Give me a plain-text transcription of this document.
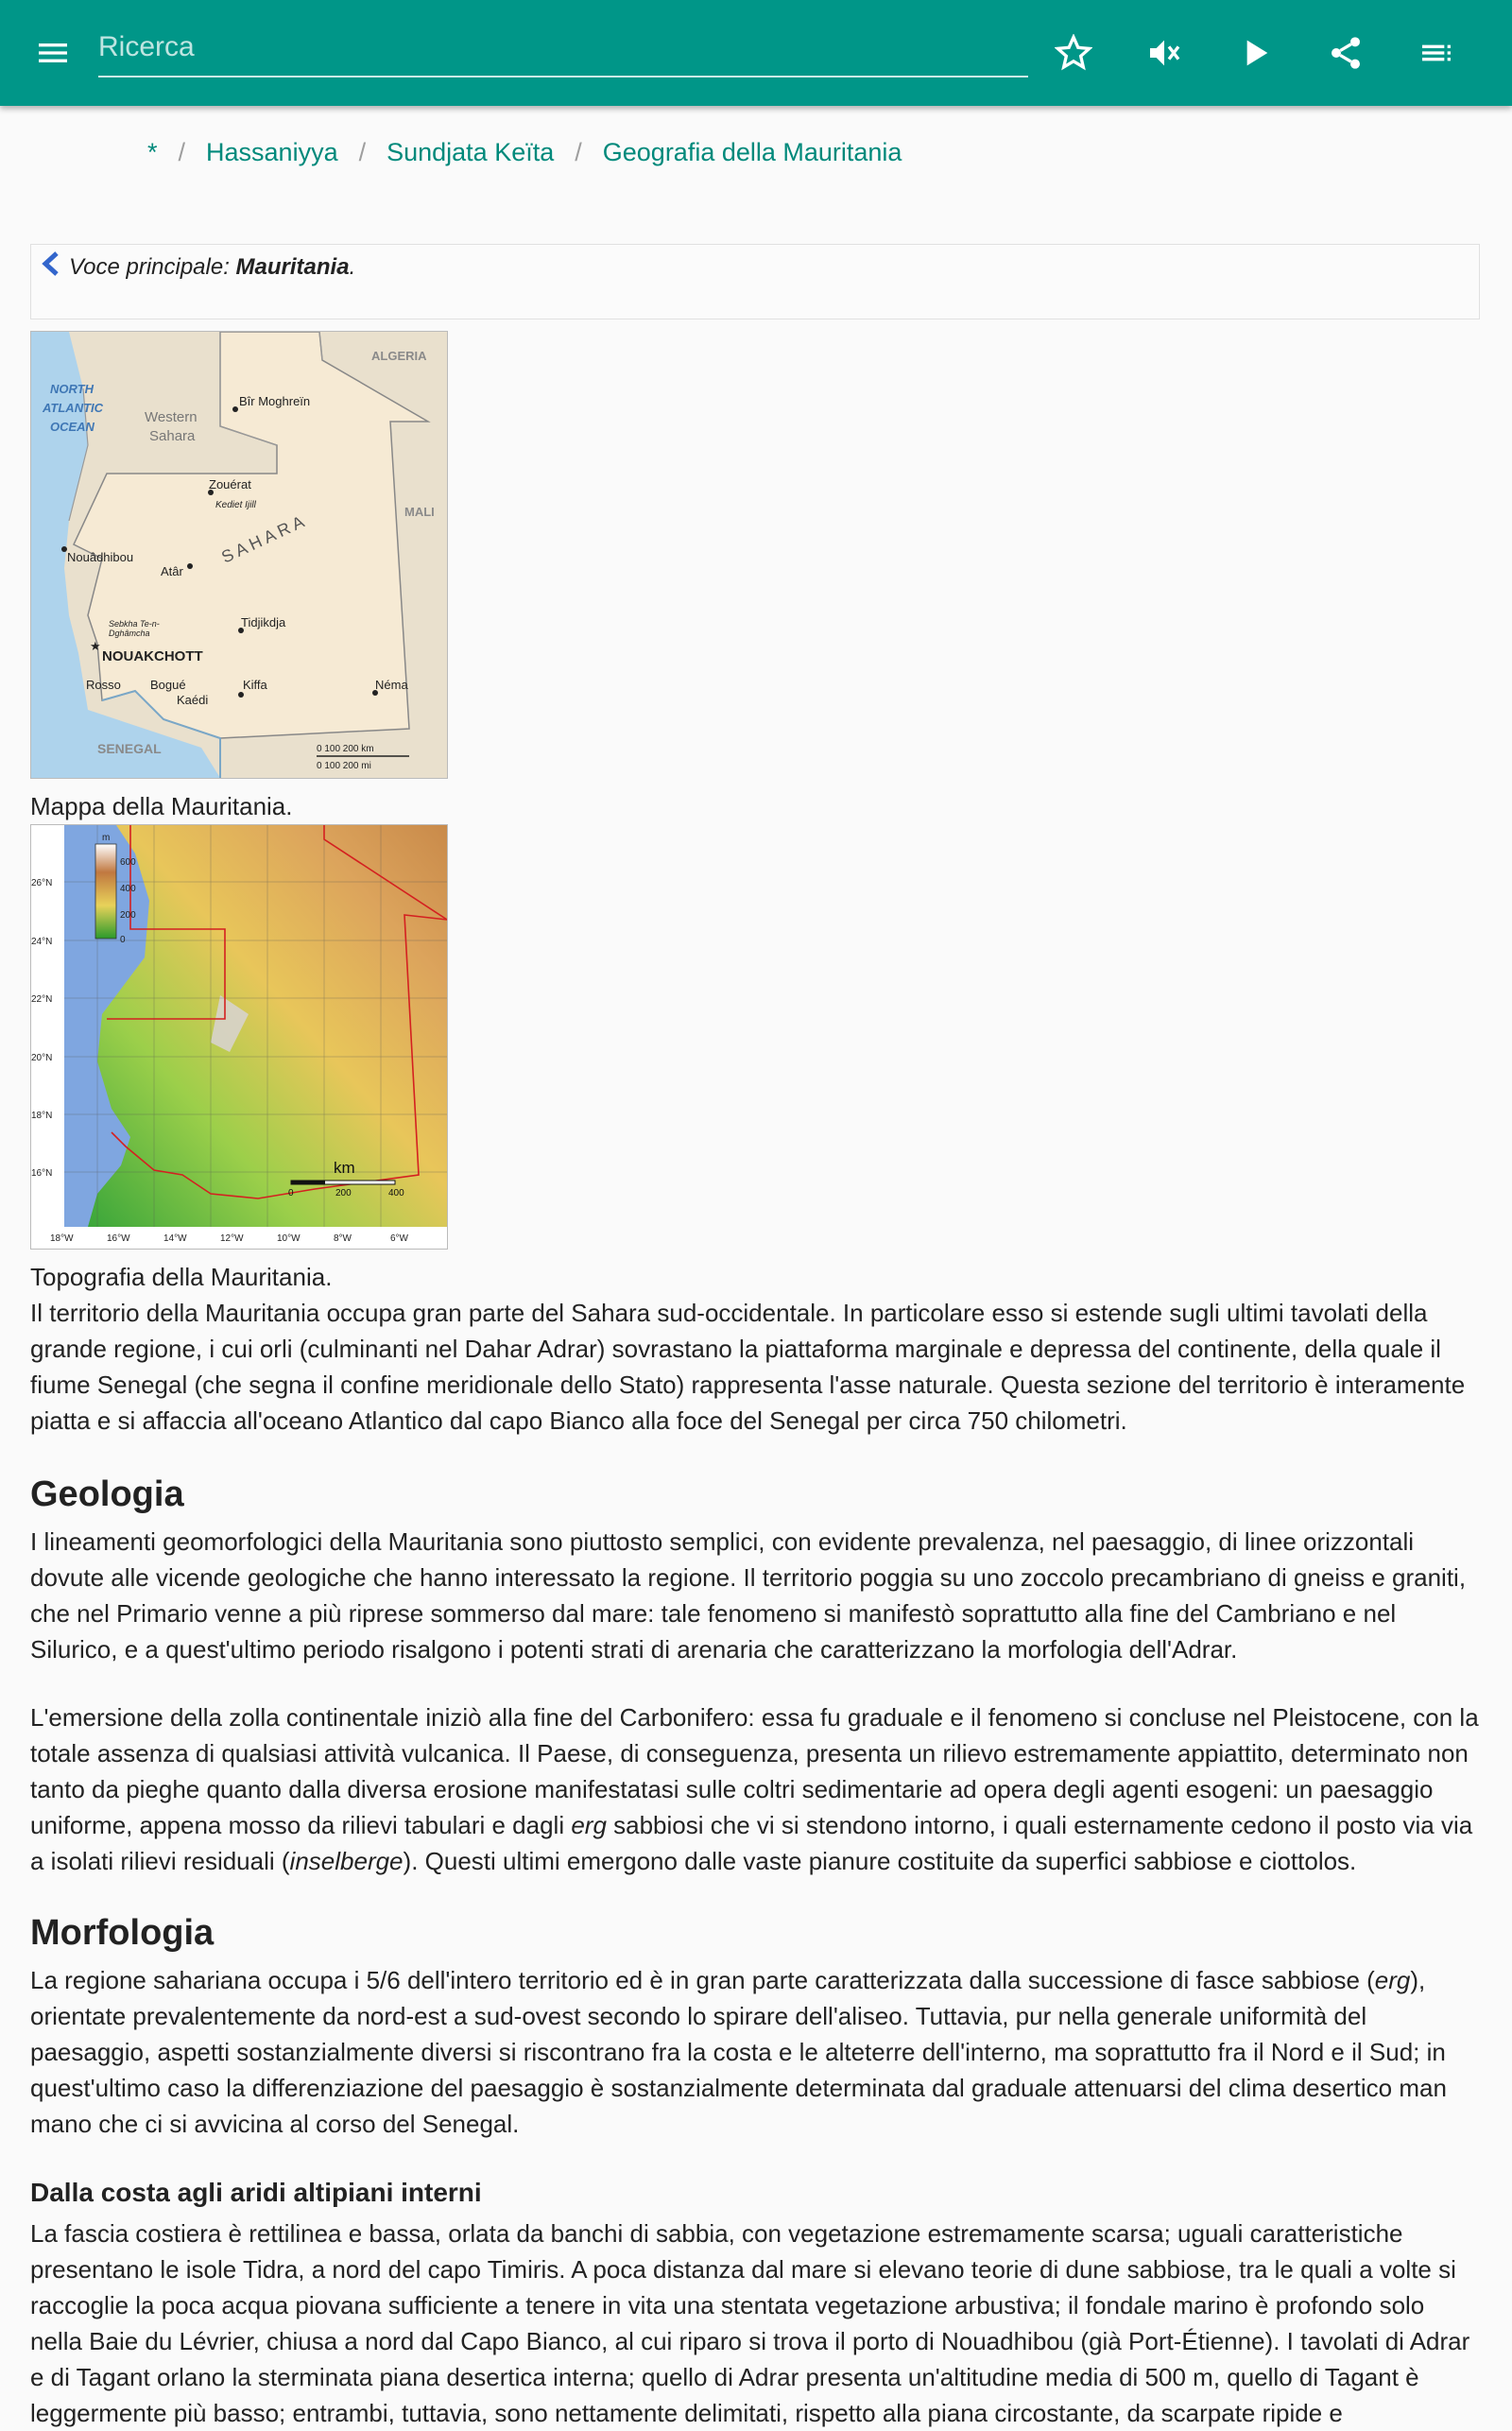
Ricerca
* / Hassaniyya / Sundjata Keïta / Geografia della Mauritania
Voce principale: Mauritania.
ALGERIA
NORTH
ATLANTIC
OCEAN
Western
Sahara
Bîr Moghreïn
Zouérat
Kediet Ijill	MALI
S A H A R A
Nouâdhibou
Atâr
Sebkha Te-n-
Dghâmcha
Tidjikdja
★
NOUAKCHOTT
Rosso Bogué
Kaédi
Kiffa	Néma
SENEGAL	0 100 200 km
0 100 200 mi
Mappa della Mauritania.
m
600
400
200
0
26°N
24°N
22°N
20°N
18°N
16°N
18°W	16°W	14°W	12°W	10°W	8°W	6°W
km
0	200	400
Topografia della Mauritania.

Il territorio della Mauritania occupa gran parte del Sahara sud-occidentale. In particolare esso si estende sugli ultimi tavolati della grande regione, i cui orli (culminanti nel Dahar Adrar) sovrastano la piattaforma marginale e depressa del continente, della quale il fiume Senegal (che segna il confine meridionale dello Stato) rappresenta l'asse naturale. Questa sezione del territorio è interamente piatta e si affaccia all'oceano Atlantico dal capo Bianco alla foce del Senegal per circa 750 chilometri.

Geologia

I lineamenti geomorfologici della Mauritania sono piuttosto semplici, con evidente prevalenza, nel paesaggio, di linee orizzontali dovute alle vicende geologiche che hanno interessato la regione. Il territorio poggia su uno zoccolo precambriano di gneiss e graniti, che nel Primario venne a più riprese sommerso dal mare: tale fenomeno si manifestò soprattutto alla fine del Cambriano e nel Silurico, e a quest'ultimo periodo risalgono i potenti strati di arenaria che caratterizzano la morfologia dell'Adrar.

L'emersione della zolla continentale iniziò alla fine del Carbonifero: essa fu graduale e il fenomeno si concluse nel Pleistocene, con la totale assenza di qualsiasi attività vulcanica. Il Paese, di conseguenza, presenta un rilievo estremamente appiattito, determinato non tanto da pieghe quanto dalla diversa erosione manifestatasi sulle coltri sedimentarie ad opera degli agenti esogeni: un paesaggio uniforme, appena mosso da rilievi tabulari e dagli erg sabbiosi che vi si stendono intorno, i quali esternamente cedono il posto via via a isolati rilievi residuali (inselberge). Questi ultimi emergono dalle vaste pianure costituite da superfici sabbiose e ciottolos.

Morfologia

La regione sahariana occupa i 5/6 dell'intero territorio ed è in gran parte caratterizzata dalla successione di fasce sabbiose (erg), orientate prevalentemente da nord-est a sud-ovest secondo lo spirare dell'aliseo. Tuttavia, pur nella generale uniformità del paesaggio, aspetti sostanzialmente diversi si riscontrano fra la costa e le alteterre dell'interno, ma soprattutto fra il Nord e il Sud; in quest'ultimo caso la differenziazione del paesaggio è sostanzialmente determinata dal graduale attenuarsi del clima desertico man mano che ci si avvicina al corso del Senegal.

Dalla costa agli aridi altipiani interni

La fascia costiera è rettilinea e bassa, orlata da banchi di sabbia, con vegetazione estremamente scarsa; uguali caratteristiche presentano le isole Tidra, a nord del capo Timiris. A poca distanza dal mare si elevano teorie di dune sabbiose, tra le quali a volte si raccoglie la poca acqua piovana sufficiente a tenere in vita una stentata vegetazione arbustiva; il fondale marino è profondo solo nella Baie du Lévrier, chiusa a nord dal Capo Bianco, al cui riparo si trova il porto di Nouadhibou (già Port-Étienne). I tavolati di Adrar e di Tagant orlano la sterminata piana desertica interna; quello di Adrar presenta un'altitudine media di 500 m, quello di Tagant è leggermente più basso; entrambi, tuttavia, sono nettamente delimitati, rispetto alla piana circostante, da scarpate ripide e
